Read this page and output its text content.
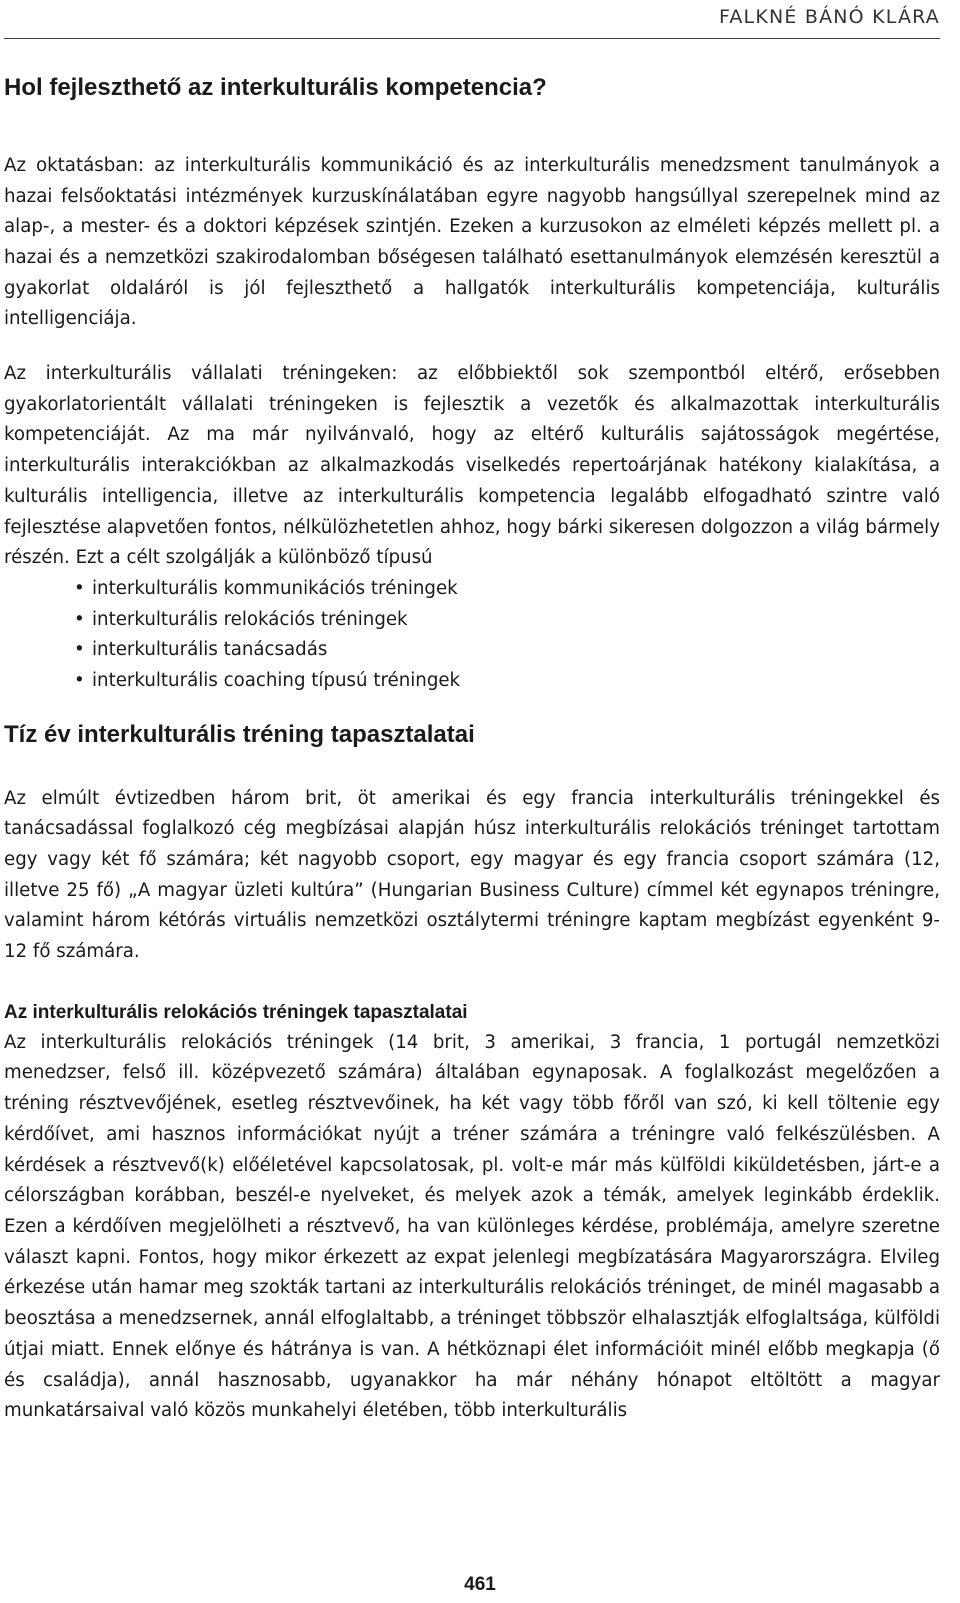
FALKNÉ BÁNÓ KLÁRA
Hol fejleszthető az interkulturális kompetencia?

Az oktatásban: az interkulturális kommunikáció és az interkulturális menedzsment tanulmányok a hazai felsőoktatási intézmények kurzuskínálatában egyre nagyobb hangsúllyal szerepelnek mind az alap-, a mester- és a doktori képzések szintjén. Ezeken a kurzusokon az elméleti képzés mellett pl. a hazai és a nemzetközi szakirodalomban bőségesen található esettanulmányok elemzésén keresztül a gyakorlat oldaláról is jól fejleszthető a hallgatók interkulturális kompetenciája, kulturális intelligenciája.

Az interkulturális vállalati tréningeken: az előbbiektől sok szempontból eltérő, erősebben gyakorlatorientált vállalati tréningeken is fejlesztik a vezetők és alkalmazottak interkulturális kompetenciáját. Az ma már nyilvánvaló, hogy az eltérő kulturális sajátosságok megértése, interkulturális interakciókban az alkalmazkodás viselkedés repertoárjának hatékony kialakítása, a kulturális intelligencia, illetve az interkulturális kompetencia legalább elfogadható szintre való fejlesztése alapvetően fontos, nélkülözhetetlen ahhoz, hogy bárki sikeresen dolgozzon a világ bármely részén. Ezt a célt szolgálják a különböző típusú

• interkulturális kommunikációs tréningek
• interkulturális relokációs tréningek
• interkulturális tanácsadás
• interkulturális coaching típusú tréningek
Tíz év interkulturális tréning tapasztalatai

Az elmúlt évtizedben három brit, öt amerikai és egy francia interkulturális tréningekkel és tanácsadással foglalkozó cég megbízásai alapján húsz interkulturális relokációs tréninget tartottam egy vagy két fő számára; két nagyobb csoport, egy magyar és egy francia csoport számára (12, illetve 25 fő) „A magyar üzleti kultúra” (Hungarian Business Culture) címmel két egynapos tréningre, valamint három kétórás virtuális nemzetközi osztálytermi tréningre kaptam megbízást egyenként 9-12 fő számára.

Az interkulturális relokációs tréningek tapasztalatai

Az interkulturális relokációs tréningek (14 brit, 3 amerikai, 3 francia, 1 portugál nemzetközi menedzser, felső ill. középvezető számára) általában egynaposak. A foglalkozást megelőzően a tréning résztvevőjének, esetleg résztvevőinek, ha két vagy több főről van szó, ki kell töltenie egy kérdőívet, ami hasznos információkat nyújt a tréner számára a tréningre való felkészülésben. A kérdések a résztvevő(k) előéletével kapcsolatosak, pl. volt-e már más külföldi kiküldetésben, járt-e a célországban korábban, beszél-e nyelveket, és melyek azok a témák, amelyek leginkább érdeklik. Ezen a kérdőíven megjelölheti a résztvevő, ha van különleges kérdése, problémája, amelyre szeretne választ kapni. Fontos, hogy mikor érkezett az expat jelenlegi megbízatására Magyarországra. Elvileg érkezése után hamar meg szokták tartani az interkulturális relokációs tréninget, de minél magasabb a beosztása a menedzsernek, annál elfoglaltabb, a tréninget többször elhalasztják elfoglaltsága, külföldi útjai miatt. Ennek előnye és hátránya is van. A hétköznapi élet információit minél előbb megkapja (ő és családja), annál hasznosabb, ugyanakkor ha már néhány hónapot eltöltött a magyar munkatársaival való közös munkahelyi életében, több interkulturális

461
